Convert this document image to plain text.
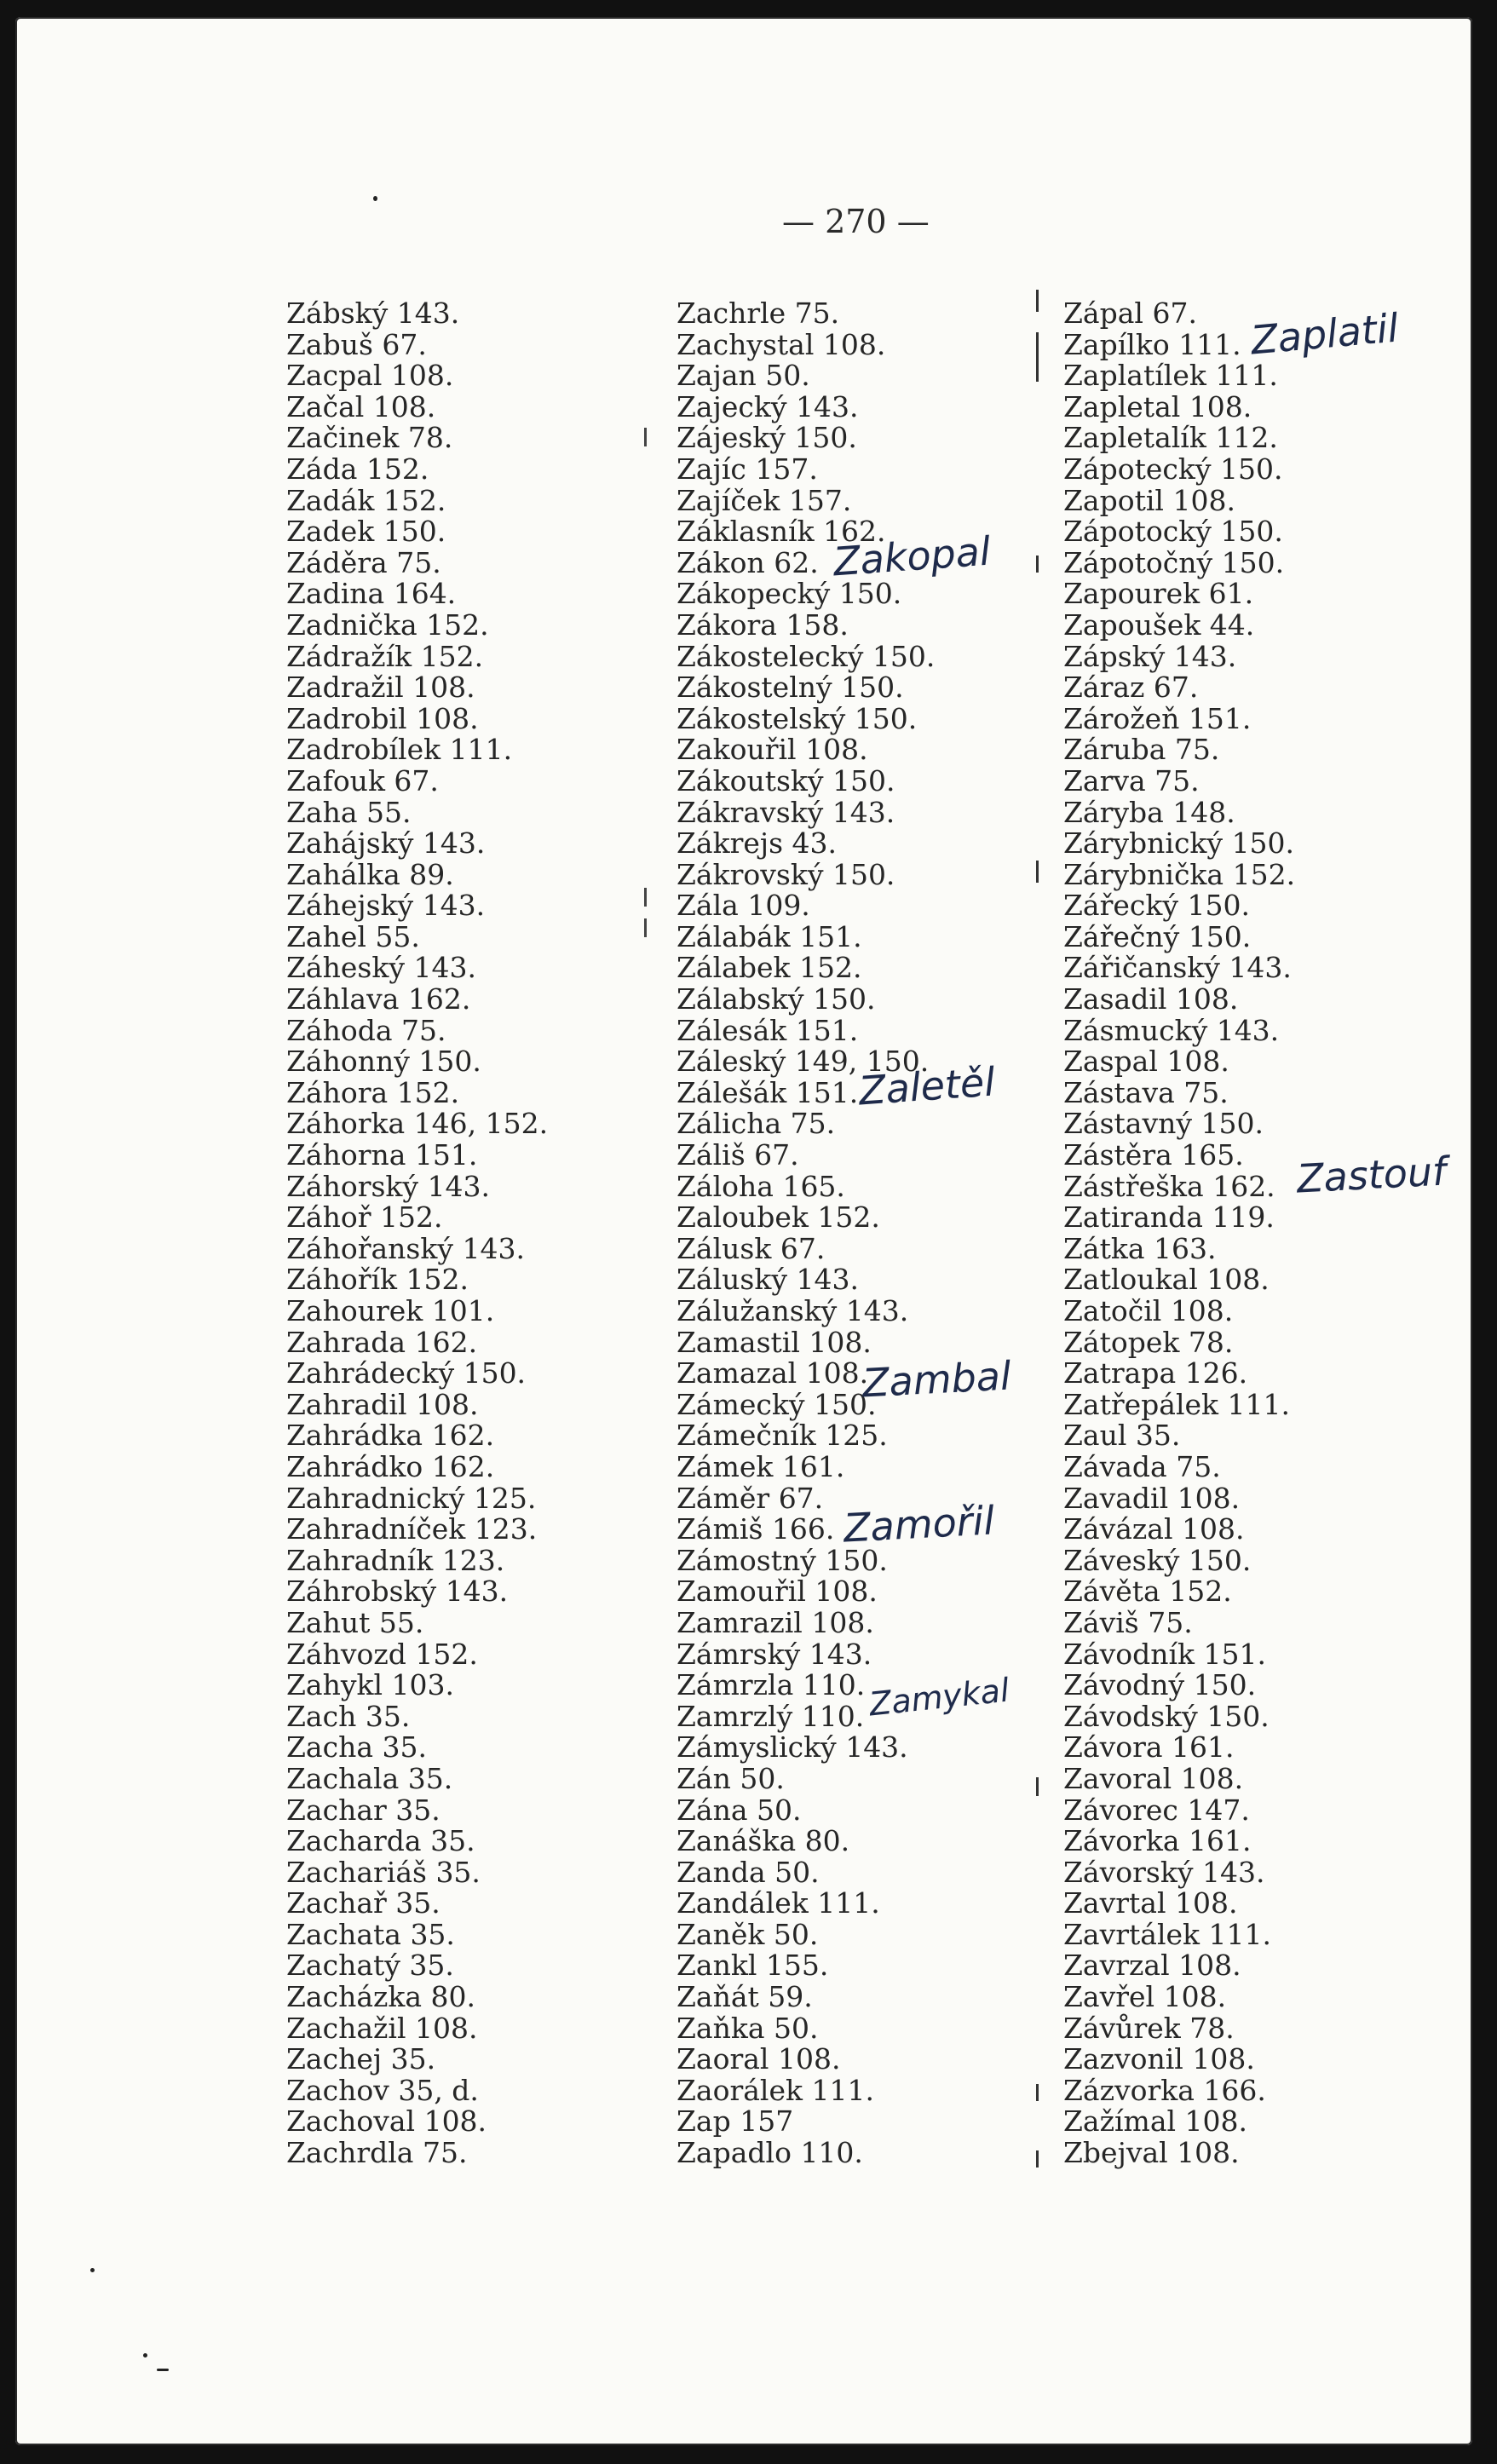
— 270 —
Zábský 143.
Zabuš 67.
Zacpal 108.
Začal 108.
Začinek 78.
Záda 152.
Zadák 152.
Zadek 150.
Záděra 75.
Zadina 164.
Zadnička 152.
Zádražík 152.
Zadražil 108.
Zadrobil 108.
Zadrobílek 111.
Zafouk 67.
Zaha 55.
Zahájský 143.
Zahálka 89.
Záhejský 143.
Zahel 55.
Záheský 143.
Záhlava 162.
Záhoda 75.
Záhonný 150.
Záhora 152.
Záhorka 146, 152.
Záhorna 151.
Záhorský 143.
Záhoř 152.
Záhořanský 143.
Záhořík 152.
Zahourek 101.
Zahrada 162.
Zahrádecký 150.
Zahradil 108.
Zahrádka 162.
Zahrádko 162.
Zahradnický 125.
Zahradníček 123.
Zahradník 123.
Záhrobský 143.
Zahut 55.
Záhvozd 152.
Zahykl 103.
Zach 35.
Zacha 35.
Zachala 35.
Zachar 35.
Zacharda 35.
Zachariáš 35.
Zachař 35.
Zachata 35.
Zachatý 35.
Zacházka 80.
Zachažil 108.
Zachej 35.
Zachov 35, d.
Zachoval 108.
Zachrdla 75.
Zachrle 75.
Zachystal 108.
Zajan 50.
Zajecký 143.
Zájeský 150.
Zajíc 157.
Zajíček 157.
Záklasník 162.
Zákon 62.
Zákopecký 150.
Zákora 158.
Zákostelecký 150.
Zákostelný 150.
Zákostelský 150.
Zakouřil 108.
Zákoutský 150.
Zákravský 143.
Zákrejs 43.
Zákrovský 150.
Zála 109.
Zálabák 151.
Zálabek 152.
Zálabský 150.
Zálesák 151.
Záleský 149, 150.
Zálešák 151.
Zálicha 75.
Záliš 67.
Záloha 165.
Zaloubek 152.
Zálusk 67.
Záluský 143.
Zálužanský 143.
Zamastil 108.
Zamazal 108.
Zámecký 150.
Zámečník 125.
Zámek 161.
Záměr 67.
Zámiš 166.
Zámostný 150.
Zamouřil 108.
Zamrazil 108.
Zámrský 143.
Zámrzla 110.
Zamrzlý 110.
Zámyslický 143.
Zán 50.
Zána 50.
Zanáška 80.
Zanda 50.
Zandálek 111.
Zaněk 50.
Zankl 155.
Zaňát 59.
Zaňka 50.
Zaoral 108.
Zaorálek 111.
Zap 157
Zapadlo 110.
Zápal 67.
Zapílko 111.
Zaplatílek 111.
Zapletal 108.
Zapletalík 112.
Zápotecký 150.
Zapotil 108.
Zápotocký 150.
Zápotočný 150.
Zapourek 61.
Zapoušek 44.
Zápský 143.
Záraz 67.
Zárožeň 151.
Záruba 75.
Zarva 75.
Záryba 148.
Zárybnický 150.
Zárybnička 152.
Zářecký 150.
Zářečný 150.
Zářičanský 143.
Zasadil 108.
Zásmucký 143.
Zaspal 108.
Zástava 75.
Zástavný 150.
Zástěra 165.
Zástřeška 162.
Zatiranda 119.
Zátka 163.
Zatloukal 108.
Zatočil 108.
Zátopek 78.
Zatrapa 126.
Zatřepálek 111.
Zaul 35.
Závada 75.
Zavadil 108.
Závázal 108.
Záveský 150.
Závěta 152.
Záviš 75.
Závodník 151.
Závodný 150.
Závodský 150.
Závora 161.
Zavoral 108.
Závorec 147.
Závorka 161.
Závorský 143.
Zavrtal 108.
Zavrtálek 111.
Zavrzal 108.
Zavřel 108.
Závůrek 78.
Zazvonil 108.
Zázvorka 166.
Zažímal 108.
Zbejval 108.
Zaplatil
Zakopal
Zaletěl
Zambal
Zamořil
Zamykal
Zastouf
